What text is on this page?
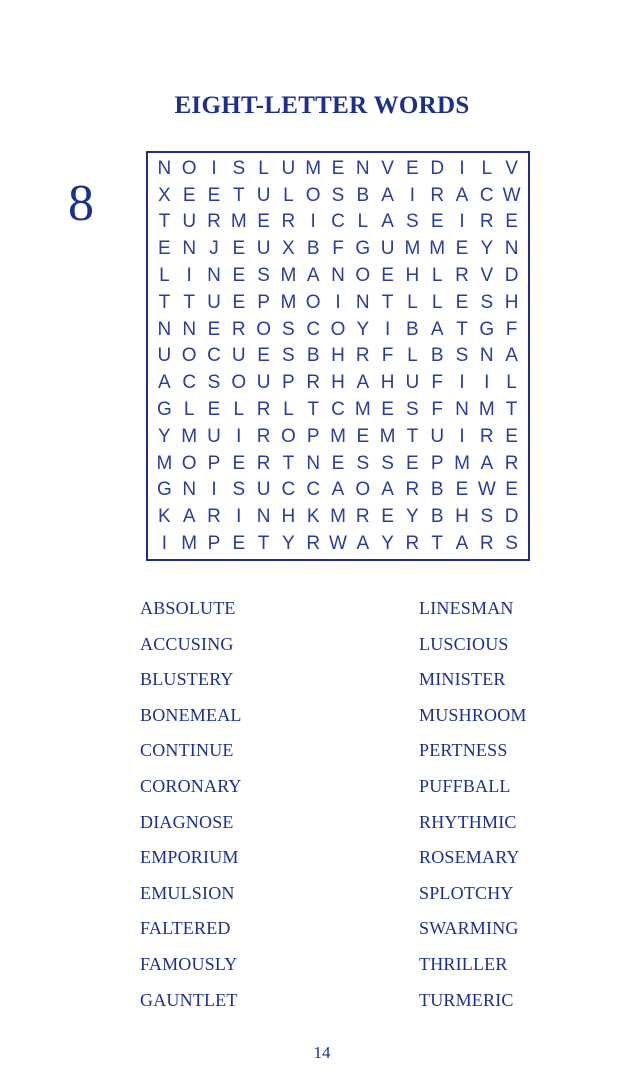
EIGHT-LETTER WORDS
8
N O I S L U M E N V E D I L V
X E E T U L O S B A I R A C W
T U R M E R I C L A S E I R E
E N J E U X B F G U M M E Y N
L I N E S M A N O E H L R V D
T T U E P M O I N T L L E S H
N N E R O S C O Y I B A T G F
U O C U E S B H R F L B S N A
A C S O U P R H A H U F I	I L
G L E L R L T C M E S F N M T
Y M U I R O P M E M T U I R E
M O P E R T N E S S E P M A R
G N I S U C C A O A R B E W E
K A R I N H K M R E Y B H S D
I M P E T Y R W A Y R T A R S
ABSOLUTE
ACCUSING
BLUSTERY
BONEMEAL
CONTINUE
CORONARY
DIAGNOSE
EMPORIUM
EMULSION
FALTERED
FAMOUSLY
GAUNTLET
LINESMAN
LUSCIOUS
MINISTER
MUSHROOM
PERTNESS
PUFFBALL
RHYTHMIC
ROSEMARY
SPLOTCHY
SWARMING
THRILLER
TURMERIC
14
